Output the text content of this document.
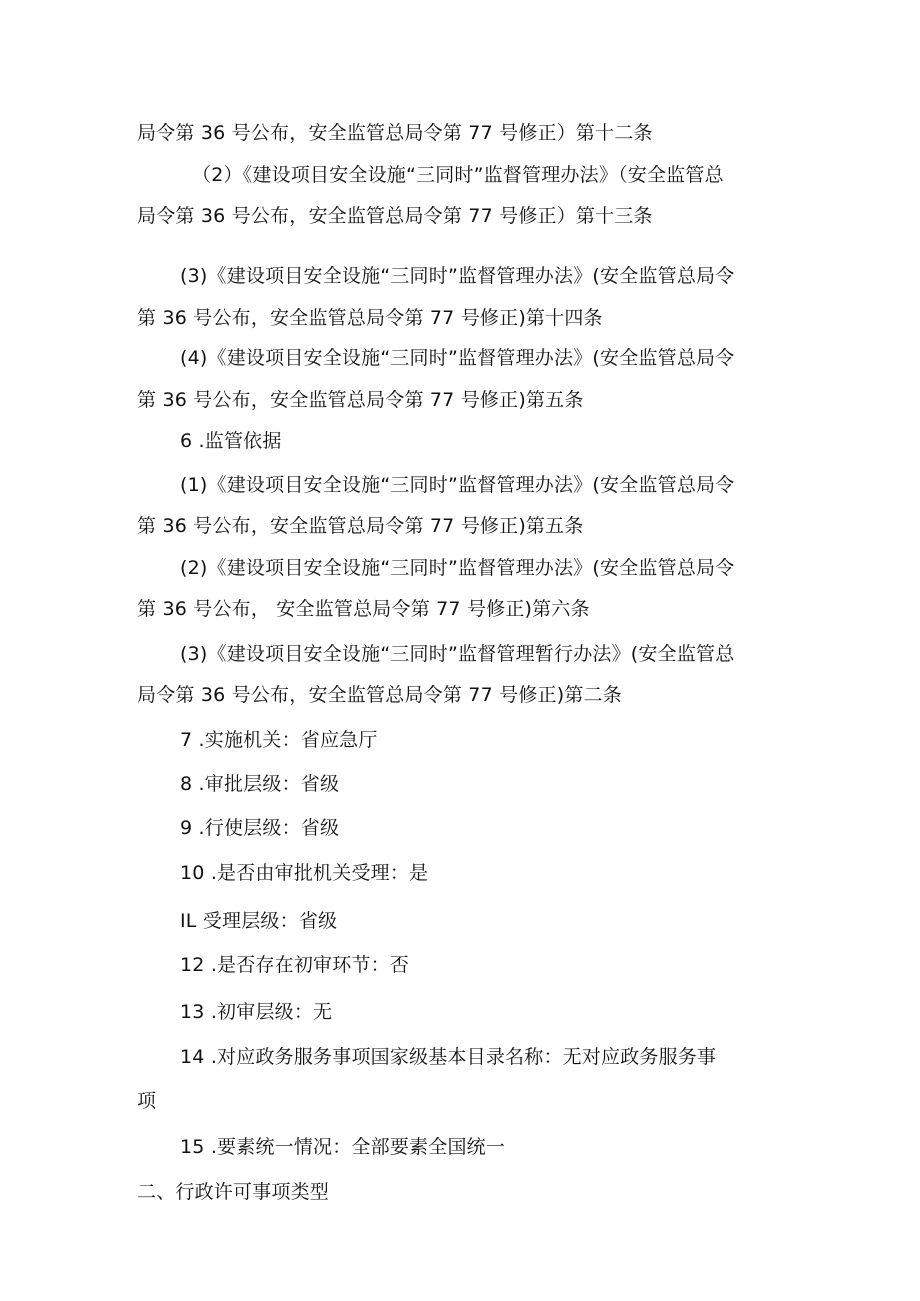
局令第 36 号公布，安全监管总局令第 77 号修正）第十二条
（2）《建设项目安全设施“三同时”监督管理办法》（安全监管总
局令第 36 号公布，安全监管总局令第 77 号修正）第十三条
(3)《建设项目安全设施“三同时”监督管理办法》(安全监管总局令
第 36 号公布，安全监管总局令第 77 号修正)第十四条
(4)《建设项目安全设施“三同时”监督管理办法》(安全监管总局令
第 36 号公布，安全监管总局令第 77 号修正)第五条
6 .监管依据
(1)《建设项目安全设施“三同时”监督管理办法》(安全监管总局令
第 36 号公布，安全监管总局令第 77 号修正)第五条
(2)《建设项目安全设施“三同时”监督管理办法》(安全监管总局令
第 36 号公布， 安全监管总局令第 77 号修正)第六条
(3)《建设项目安全设施“三同时”监督管理暂行办法》(安全监管总
局令第 36 号公布，安全监管总局令第 77 号修正)第二条
7 .实施机关：省应急厅
8 .审批层级：省级
9 .行使层级：省级
10 .是否由审批机关受理：是
IL 受理层级：省级
12 .是否存在初审环节：否
13 .初审层级：无
14 .对应政务服务事项国家级基本目录名称：无对应政务服务事
项
15 .要素统一情况：全部要素全国统一
二、行政许可事项类型
